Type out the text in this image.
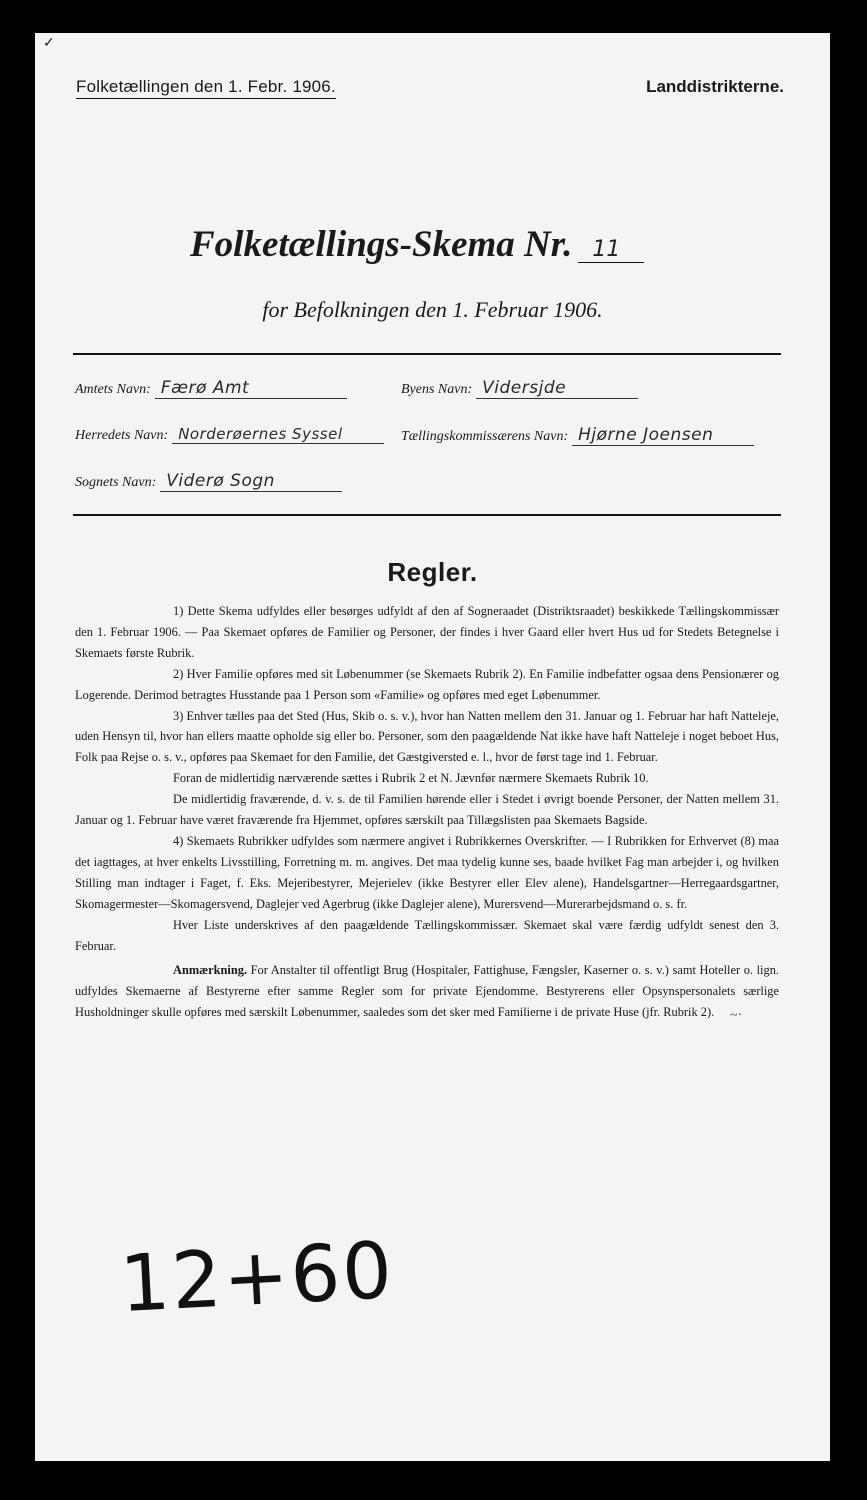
✓
Folketællingen den 1. Febr. 1906.	Landdistrikterne.
Folketællings-Skema Nr. 11
for Befolkningen den 1. Februar 1906.
Amtets Navn: Færø Amt	Byens Navn: Vidersjde
Herredets Navn: Norderøernes Syssel	Tællingskommissærens Navn: Hjørne Joensen
Sognets Navn: Viderø Sogn
Regler.

1) Dette Skema udfyldes eller besørges udfyldt af den af Sogneraadet (Distriktsraadet) beskikkede Tællingskommissær den 1. Februar 1906. — Paa Skemaet opføres de Familier og Personer, der findes i hver Gaard eller hvert Hus ud for Stedets Betegnelse i Skemaets første Rubrik.

2) Hver Familie opføres med sit Løbenummer (se Skemaets Rubrik 2). En Familie indbefatter ogsaa dens Pensionærer og Logerende. Derimod betragtes Husstande paa 1 Person som «Familie» og opføres med eget Løbenummer.

3) Enhver tælles paa det Sted (Hus, Skib o. s. v.), hvor han Natten mellem den 31. Januar og 1. Februar har haft Natteleje, uden Hensyn til, hvor han ellers maatte opholde sig eller bo. Personer, som den paagældende Nat ikke have haft Natteleje i noget beboet Hus, Folk paa Rejse o. s. v., opføres paa Skemaet for den Familie, det Gæstgiversted e. l., hvor de først tage ind 1. Februar.

Foran de midlertidig nærværende sættes i Rubrik 2 et N. Jævnfør nærmere Skemaets Rubrik 10.

De midlertidig fraværende, d. v. s. de til Familien hørende eller i Stedet i øvrigt boende Personer, der Natten mellem 31. Januar og 1. Februar have været fraværende fra Hjemmet, opføres særskilt paa Tillægslisten paa Skemaets Bagside.

4) Skemaets Rubrikker udfyldes som nærmere angivet i Rubrikkernes Overskrifter. — I Rubrikken for Erhvervet (8) maa det iagttages, at hver enkelts Livsstilling, Forretning m. m. angives. Det maa tydelig kunne ses, baade hvilket Fag man arbejder i, og hvilken Stilling man indtager i Faget, f. Eks. Mejeribestyrer, Mejerielev (ikke Bestyrer eller Elev alene), Handelsgartner—Herregaardsgartner, Skomagermester—Skomagersvend, Daglejer ved Agerbrug (ikke Daglejer alene), Murersvend—Murerarbejdsmand o. s. fr.

Hver Liste underskrives af den paagældende Tællingskommissær. Skemaet skal være færdig udfyldt senest den 3. Februar.

Anmærkning. For Anstalter til offentligt Brug (Hospitaler, Fattighuse, Fængsler, Kaserner o. s. v.) samt Hoteller o. lign. udfyldes Skemaerne af Bestyrerne efter samme Regler som for private Ejendomme. Bestyrerens eller Opsynspersonalets særlige Husholdninger skulle opføres med særskilt Løbenummer, saaledes som det sker med Familierne i de private Huse (jfr. Rubrik 2).	~·
12+60
